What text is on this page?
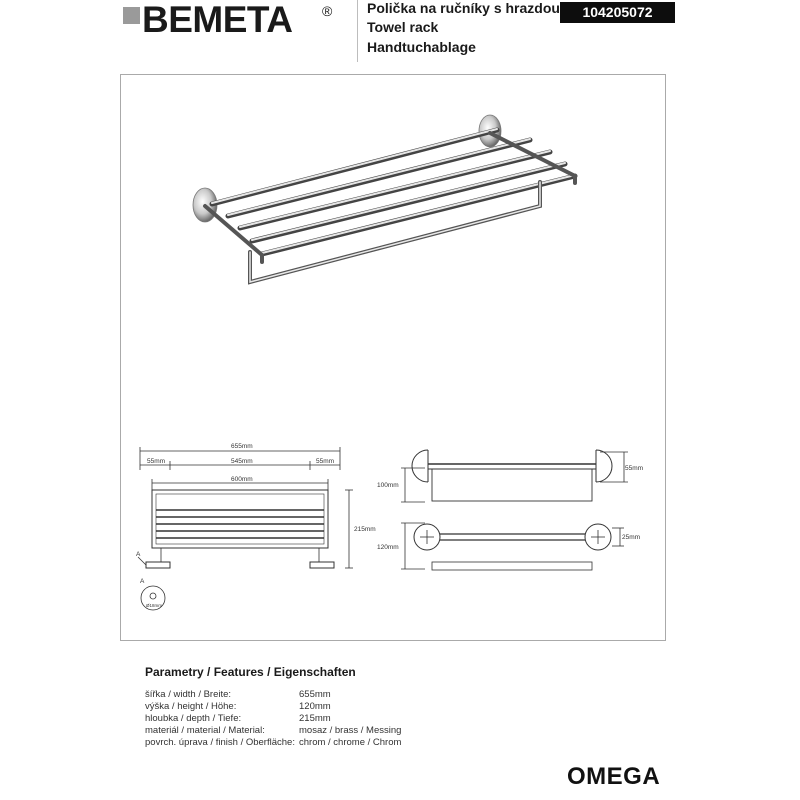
BEMETA ® Polička na ručníky s hrazdou
Towel rack
Handtuchablage
104205072
655mm
55mm	545mm	55mm
600mm
215mm
A
A
Ø18mm
100mm
55mm
120mm
25mm
Parametry / Features / Eigenschaften
šířka / width / Breite:	655mm
výška / height / Höhe:	120mm
hloubka / depth / Tiefe:	215mm
materiál / material / Material:	mosaz / brass / Messing
povrch. úprava / finish / Oberfläche: chrom / chrome / Chrom
OMEGA
